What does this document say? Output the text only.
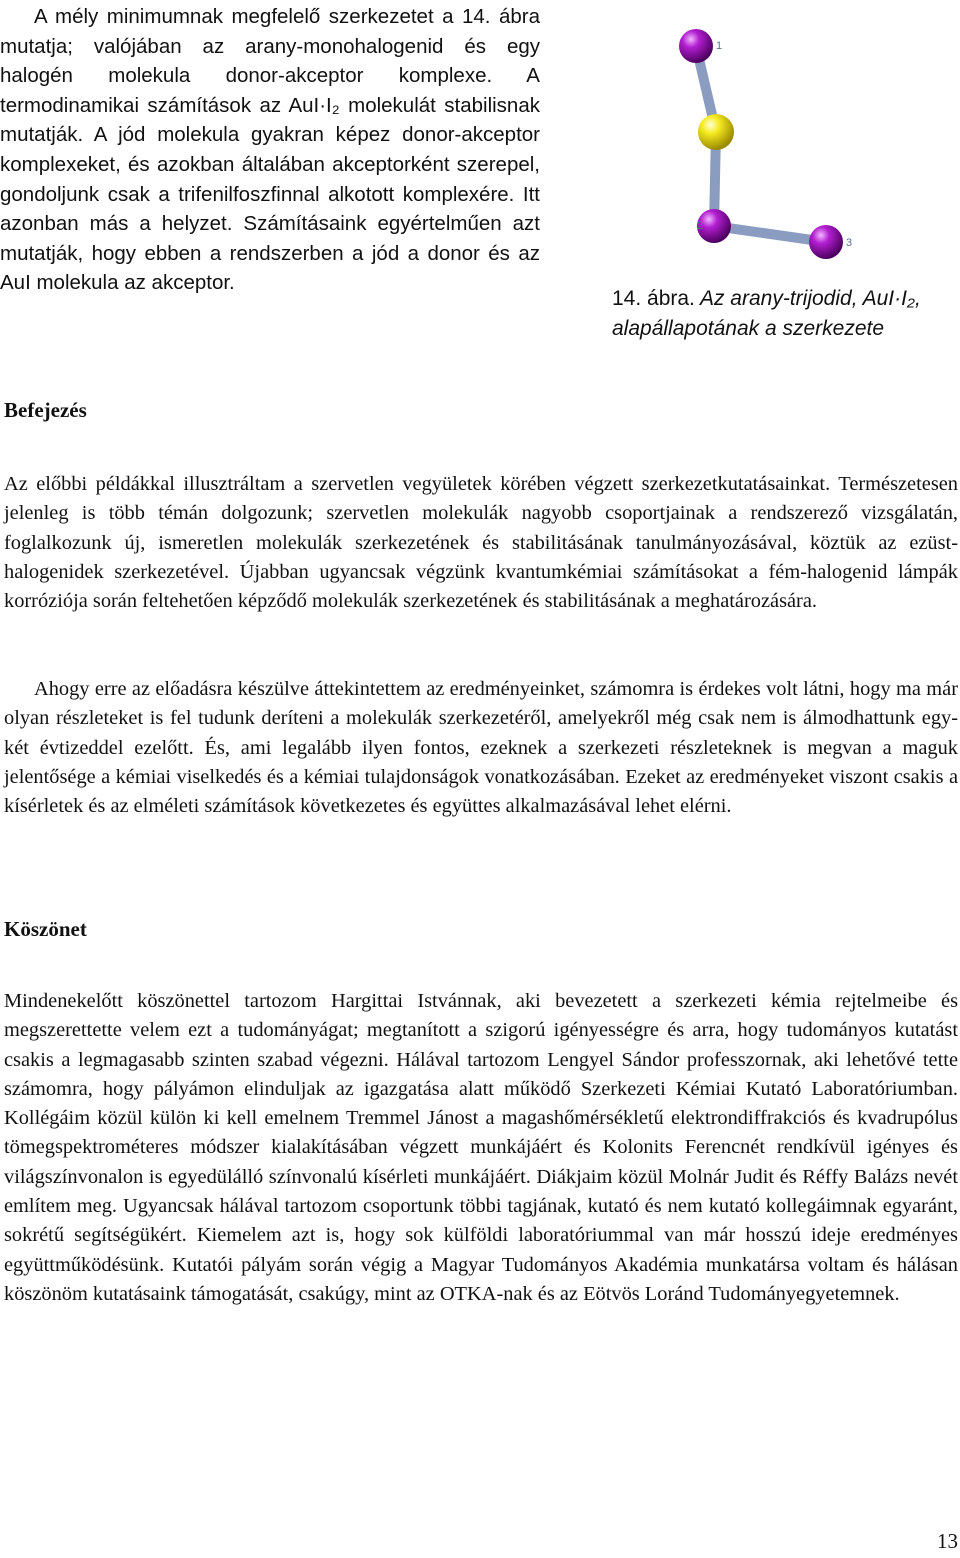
A mély minimumnak megfelelő szerkezetet a 14. ábra mutatja; valójában az arany-monohalogenid és egy halogén molekula donor-akceptor komplexe. A termodinamikai számítások az AuI·I₂ molekulát stabilisnak mutatják. A jód molekula gyakran képez donor-akceptor komplexeket, és azokban általában akceptorként szerepel, gondoljunk csak a trifenilfoszfinnal alkotott komplexére. Itt azonban más a helyzet. Számításaink egyértelműen azt mutatják, hogy ebben a rendszerben a jód a donor és az AuI molekula az akceptor.

1
2
3
14. ábra. Az arany-trijodid, AuI·I₂, alapállapotának a szerkezete
Befejezés

Az előbbi példákkal illusztráltam a szervetlen vegyületek körében végzett szerkezetkutatásainkat. Természetesen jelenleg is több témán dolgozunk; szervetlen molekulák nagyobb csoportjainak a rendszerező vizsgálatán, foglalkozunk új, ismeretlen molekulák szerkezetének és stabilitásának tanulmányozásával, köztük az ezüst-halogenidek szerkezetével. Újabban ugyancsak végzünk kvantumkémiai számításokat a fém-halogenid lámpák korróziója során feltehetően képződő molekulák szerkezetének és stabilitásának a meghatározására.

Ahogy erre az előadásra készülve áttekintettem az eredményeinket, számomra is érdekes volt látni, hogy ma már olyan részleteket is fel tudunk deríteni a molekulák szerkezetéről, amelyekről még csak nem is álmodhattunk egy-két évtizeddel ezelőtt. És, ami legalább ilyen fontos, ezeknek a szerkezeti részleteknek is megvan a maguk jelentősége a kémiai viselkedés és a kémiai tulajdonságok vonatkozásában. Ezeket az eredményeket viszont csakis a kísérletek és az elméleti számítások következetes és együttes alkalmazásával lehet elérni.

Köszönet

Mindenekelőtt köszönettel tartozom Hargittai Istvánnak, aki bevezetett a szerkezeti kémia rejtelmeibe és megszerettette velem ezt a tudományágat; megtanított a szigorú igényességre és arra, hogy tudományos kutatást csakis a legmagasabb szinten szabad végezni. Hálával tartozom Lengyel Sándor professzornak, aki lehetővé tette számomra, hogy pályámon elinduljak az igazgatása alatt működő Szerkezeti Kémiai Kutató Laboratóriumban. Kollégáim közül külön ki kell emelnem Tremmel Jánost a magashőmérsékletű elektrondiffrakciós és kvadrupólus tömegspektrométeres módszer kialakításában végzett munkájáért és Kolonits Ferencnét rendkívül igényes és világszínvonalon is egyedülálló színvonalú kísérleti munkájáért. Diákjaim közül Molnár Judit és Réffy Balázs nevét említem meg. Ugyancsak hálával tartozom csoportunk többi tagjának, kutató és nem kutató kollegáimnak egyaránt, sokrétű segítségükért. Kiemelem azt is, hogy sok külföldi laboratóriummal van már hosszú ideje eredményes együttműködésünk. Kutatói pályám során végig a Magyar Tudományos Akadémia munkatársa voltam és hálásan köszönöm kutatásaink támogatását, csakúgy, mint az OTKA-nak és az Eötvös Loránd Tudományegyetemnek.

13
